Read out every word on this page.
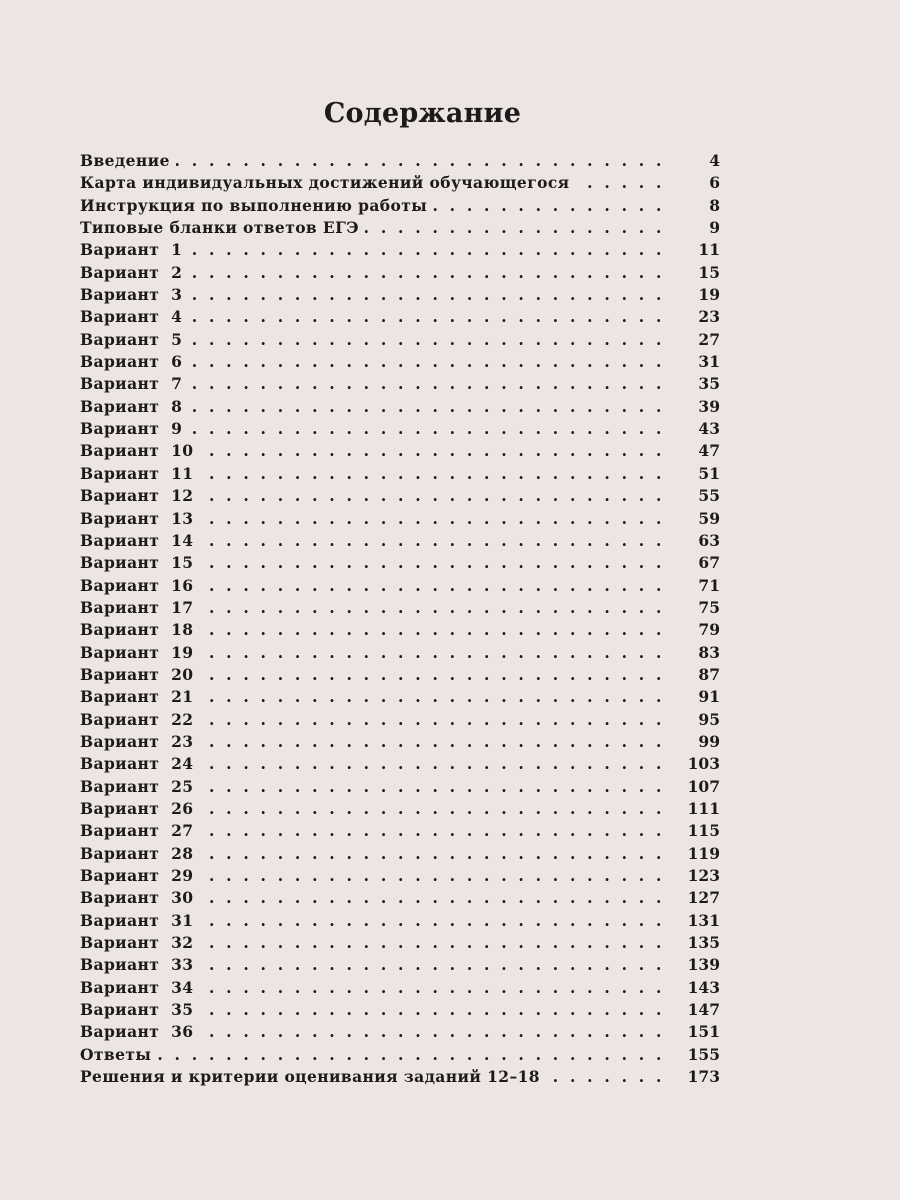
Содержание
. . .
Введение	4
. . .
Карта индивидуальных достижений обучающегося	6
. . .
Инструкция по выполнению работы	8
. . .
Типовые бланки ответов ЕГЭ	9
. . .
Вариант 1	11
. . .
Вариант 2	15
. . .
Вариант 3	19
. . .
Вариант 4	23
. . .
Вариант 5	27
. . .
Вариант 6	31
. . .
Вариант 7	35
. . .
Вариант 8	39
. . .
Вариант 9	43
. . .
Вариант 10	47
. . .
Вариант 11	51
. . .
Вариант 12	55
. . .
Вариант 13	59
. . .
Вариант 14	63
. . .
Вариант 15	67
. . .
Вариант 16	71
. . .
Вариант 17	75
. . .
Вариант 18	79
. . .
Вариант 19	83
. . .
Вариант 20	87
. . .
Вариант 21	91
. . .
Вариант 22	95
. . .
Вариант 23	99
. . .
Вариант 24	103
. . .
Вариант 25	107
. . .
Вариант 26	111
. . .
Вариант 27	115
. . .
Вариант 28	119
. . .
Вариант 29	123
. . .
Вариант 30	127
. . .
Вариант 31	131
. . .
Вариант 32	135
. . .
Вариант 33	139
. . .
Вариант 34	143
. . .
Вариант 35	147
. . .
Вариант 36	151
. . .
Ответы	155
. . .
Решения и критерии оценивания заданий 12–18	173
